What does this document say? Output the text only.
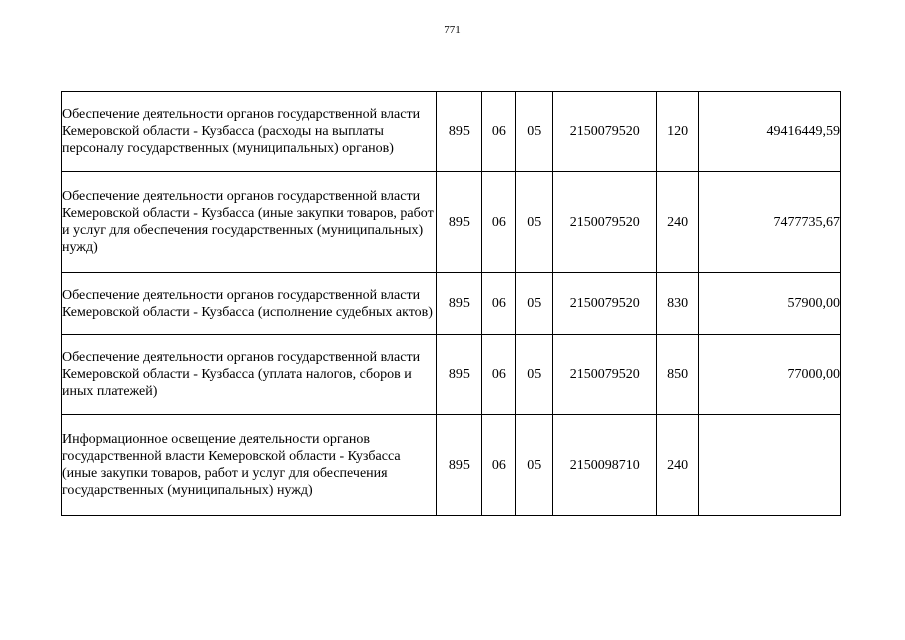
771
Обеспечение деятельности органов государственной власти Кемеровской области - Кузбасса (расходы на выплаты персоналу государственных (муниципальных) органов)	895	06	05	2150079520	120	49416449,59
Обеспечение деятельности органов государственной власти Кемеровской области - Кузбасса (иные закупки товаров, работ и услуг для обеспечения государственных (муниципальных) нужд)	895	06	05	2150079520	240	7477735,67
Обеспечение деятельности органов государственной власти Кемеровской области - Кузбасса (исполнение судебных актов)	895	06	05	2150079520	830	57900,00
Обеспечение деятельности органов государственной власти Кемеровской области - Кузбасса (уплата налогов, сборов и иных платежей)	895	06	05	2150079520	850	77000,00
Информационное освещение деятельности органов государственной власти Кемеровской области - Кузбасса (иные закупки товаров, работ и услуг для обеспечения государственных (муниципальных) нужд)	895	06	05	2150098710	240	
